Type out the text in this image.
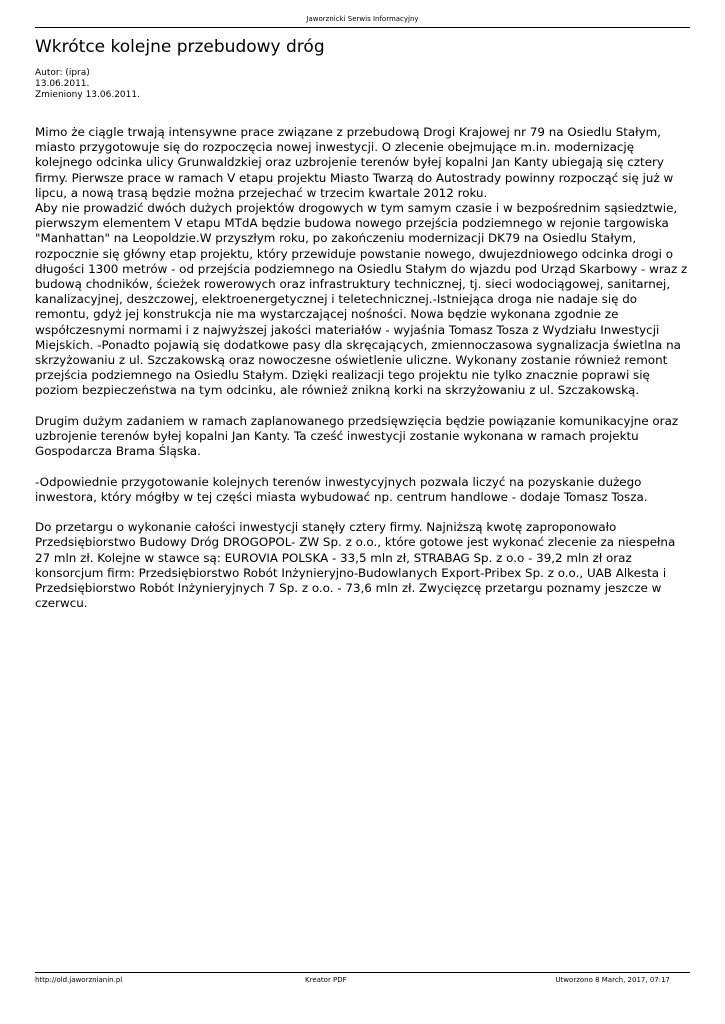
Jaworznicki Serwis Informacyjny
Wkrótce kolejne przebudowy dróg
Autor: (ipra)
13.06.2011.
Zmieniony 13.06.2011.

Mimo że ciągle trwają intensywne prace związane z przebudową Drogi Krajowej nr 79 na Osiedlu Stałym, miasto przygotowuje się do rozpoczęcia nowej inwestycji. O zlecenie obejmujące m.in. modernizację kolejnego odcinka ulicy Grunwaldzkiej oraz uzbrojenie terenów byłej kopalni Jan Kanty ubiegają się cztery firmy. Pierwsze prace w ramach V etapu projektu Miasto Twarzą do Autostrady powinny rozpocząć się już w lipcu, a nową trasą będzie można przejechać w trzecim kwartale 2012 roku.
Aby nie prowadzić dwóch dużych projektów drogowych w tym samym czasie i w bezpośrednim sąsiedztwie, pierwszym elementem V etapu MTdA będzie budowa nowego przejścia podziemnego w rejonie targowiska "Manhattan" na Leopoldzie.W przyszłym roku, po zakończeniu modernizacji DK79 na Osiedlu Stałym, rozpocznie się główny etap projektu, który przewiduje powstanie nowego, dwujezdniowego odcinka drogi o długości 1300 metrów - od przejścia podziemnego na Osiedlu Stałym do wjazdu pod Urząd Skarbowy - wraz z budową chodników, ścieżek rowerowych oraz infrastruktury technicznej, tj. sieci wodociągowej, sanitarnej, kanalizacyjnej, deszczowej, elektroenergetycznej i teletechnicznej.-Istniejąca droga nie nadaje się do remontu, gdyż jej konstrukcja nie ma wystarczającej nośności. Nowa będzie wykonana zgodnie ze współczesnymi normami i z najwyższej jakości materiałów - wyjaśnia Tomasz Tosza z Wydziału Inwestycji Miejskich. -Ponadto pojawią się dodatkowe pasy dla skręcających, zmiennoczasowa sygnalizacja świetlna na skrzyżowaniu z ul. Szczakowską oraz nowoczesne oświetlenie uliczne. Wykonany zostanie również remont przejścia podziemnego na Osiedlu Stałym. Dzięki realizacji tego projektu nie tylko znacznie poprawi się poziom bezpieczeństwa na tym odcinku, ale również znikną korki na skrzyżowaniu z ul. Szczakowską.

Drugim dużym zadaniem w ramach zaplanowanego przedsięwzięcia będzie powiązanie komunikacyjne oraz uzbrojenie terenów byłej kopalni Jan Kanty. Ta cześć inwestycji zostanie wykonana w ramach projektu Gospodarcza Brama Śląska.

-Odpowiednie przygotowanie kolejnych terenów inwestycyjnych pozwala liczyć na pozyskanie dużego inwestora, który mógłby w tej części miasta wybudować np. centrum handlowe - dodaje Tomasz Tosza.

Do przetargu o wykonanie całości inwestycji stanęły cztery firmy. Najniższą kwotę zaproponowało Przedsiębiorstwo Budowy Dróg DROGOPOL- ZW Sp. z o.o., które gotowe jest wykonać zlecenie za niespełna 27 mln zł. Kolejne w stawce są: EUROVIA POLSKA - 33,5 mln zł, STRABAG Sp. z o.o - 39,2 mln zł oraz konsorcjum firm: Przedsiębiorstwo Robót Inżynieryjno-Budowlanych Export-Pribex Sp. z o.o., UAB Alkesta i Przedsiębiorstwo Robót Inżynieryjnych 7 Sp. z o.o. - 73,6 mln zł. Zwycięzcę przetargu poznamy jeszcze w czerwcu.

http://old.jaworznianin.pl	Kreator PDF	Utworzono 8 March, 2017, 07:17
